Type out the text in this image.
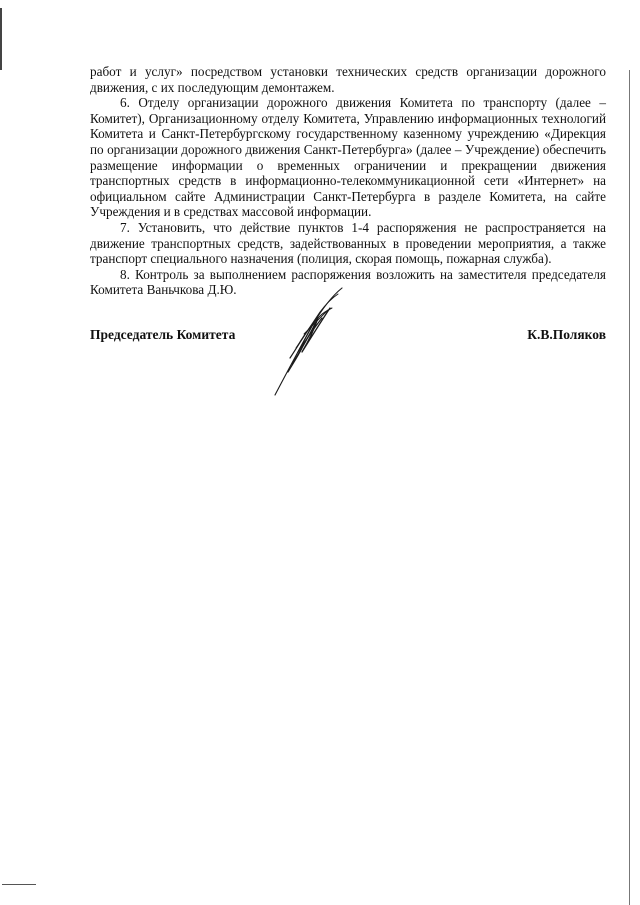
работ и услуг» посредством установки технических средств организации дорожного движения, с их последующим демонтажем.

6. Отделу организации дорожного движения Комитета по транспорту (далее – Комитет), Организационному отделу Комитета, Управлению информационных технологий Комитета и Санкт-Петербургскому государственному казенному учреждению «Дирекция по организации дорожного движения Санкт-Петербурга» (далее – Учреждение) обеспечить размещение информации о временных ограничении и прекращении движения транспортных средств в информационно-телекоммуникационной сети «Интернет» на официальном сайте Администрации Санкт-Петербурга в разделе Комитета, на сайте Учреждения и в средствах массовой информации.

7. Установить, что действие пунктов 1-4 распоряжения не распространяется на движение транспортных средств, задействованных в проведении мероприятия, а также транспорт специального назначения (полиция, скорая помощь, пожарная служба).

8. Контроль за выполнением распоряжения возложить на заместителя председателя Комитета Ваньчкова Д.Ю.

Председатель Комитета	К.В.Поляков
